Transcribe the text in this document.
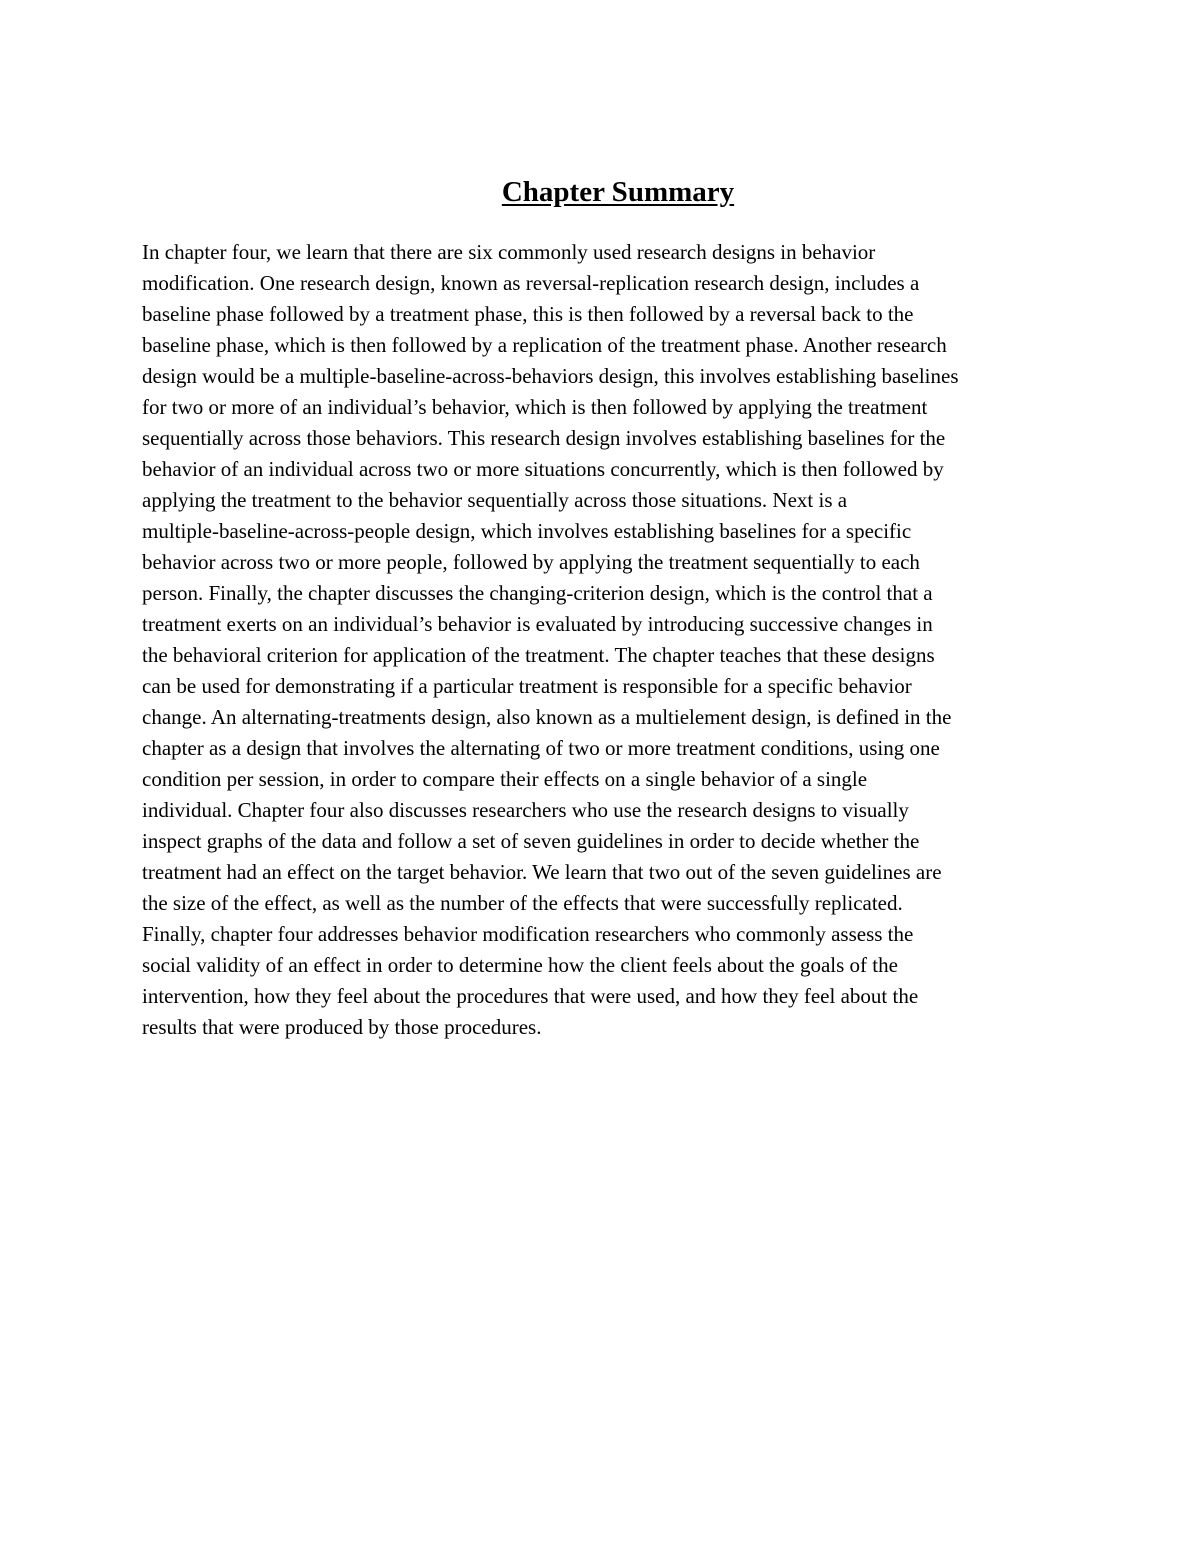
Chapter Summary

In chapter four, we learn that there are six commonly used research designs in behavior
modification. One research design, known as reversal-replication research design, includes a
baseline phase followed by a treatment phase, this is then followed by a reversal back to the
baseline phase, which is then followed by a replication of the treatment phase. Another research
design would be a multiple-baseline-across-behaviors design, this involves establishing baselines
for two or more of an individual’s behavior, which is then followed by applying the treatment
sequentially across those behaviors. This research design involves establishing baselines for the
behavior of an individual across two or more situations concurrently, which is then followed by
applying the treatment to the behavior sequentially across those situations. Next is a
multiple-baseline-across-people design, which involves establishing baselines for a specific
behavior across two or more people, followed by applying the treatment sequentially to each
person. Finally, the chapter discusses the changing-criterion design, which is the control that a
treatment exerts on an individual’s behavior is evaluated by introducing successive changes in
the behavioral criterion for application of the treatment. The chapter teaches that these designs
can be used for demonstrating if a particular treatment is responsible for a specific behavior
change. An alternating-treatments design, also known as a multielement design, is defined in the
chapter as a design that involves the alternating of two or more treatment conditions, using one
condition per session, in order to compare their effects on a single behavior of a single
individual. Chapter four also discusses researchers who use the research designs to visually
inspect graphs of the data and follow a set of seven guidelines in order to decide whether the
treatment had an effect on the target behavior. We learn that two out of the seven guidelines are
the size of the effect, as well as the number of the effects that were successfully replicated.
Finally, chapter four addresses behavior modification researchers who commonly assess the
social validity of an effect in order to determine how the client feels about the goals of the
intervention, how they feel about the procedures that were used, and how they feel about the
results that were produced by those procedures.
